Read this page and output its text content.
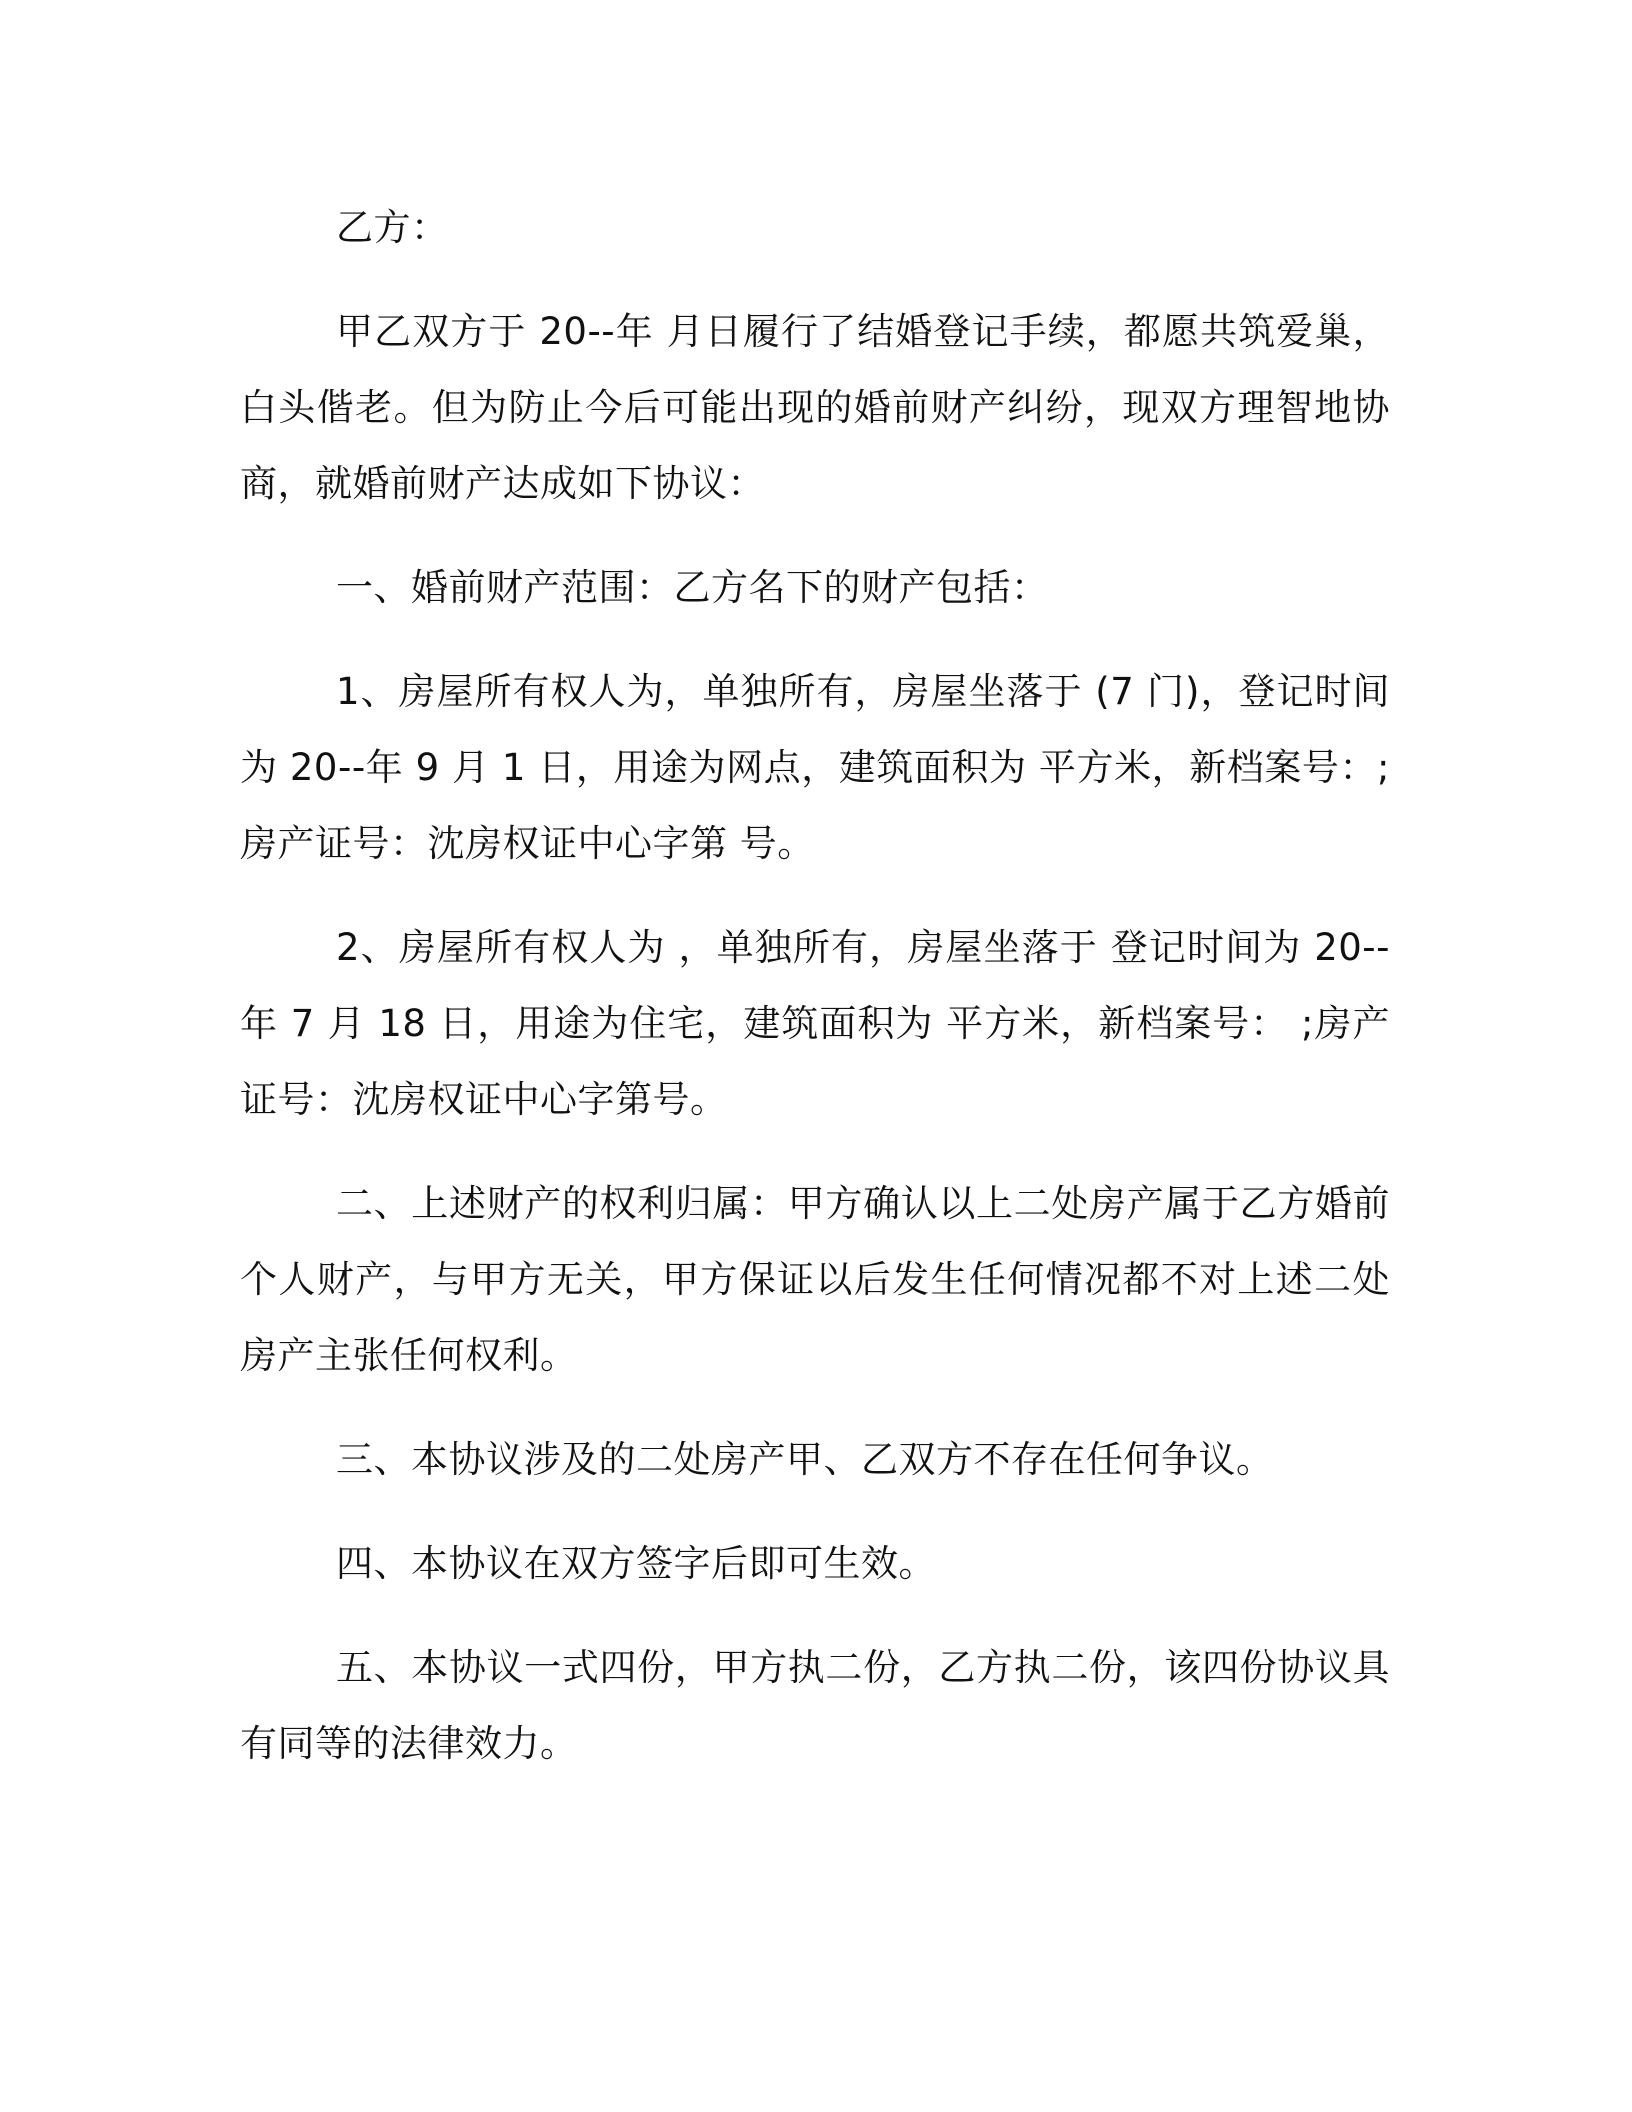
乙方：

甲乙双方于 20--年 月日履行了结婚登记手续，都愿共筑爱巢，白头偕老。但为防止今后可能出现的婚前财产纠纷，现双方理智地协商，就婚前财产达成如下协议：

一、婚前财产范围：乙方名下的财产包括：

1、房屋所有权人为，单独所有，房屋坐落于 (7 门)，登记时间为 20--年 9 月 1 日，用途为网点，建筑面积为 平方米，新档案号：;房产证号：沈房权证中心字第 号。

2、房屋所有权人为 ，单独所有，房屋坐落于 登记时间为 20--年 7 月 18 日，用途为住宅，建筑面积为 平方米，新档案号： ;房产证号：沈房权证中心字第号。

二、上述财产的权利归属：甲方确认以上二处房产属于乙方婚前个人财产，与甲方无关，甲方保证以后发生任何情况都不对上述二处房产主张任何权利。

三、本协议涉及的二处房产甲、乙双方不存在任何争议。

四、本协议在双方签字后即可生效。

五、本协议一式四份，甲方执二份，乙方执二份，该四份协议具有同等的法律效力。
